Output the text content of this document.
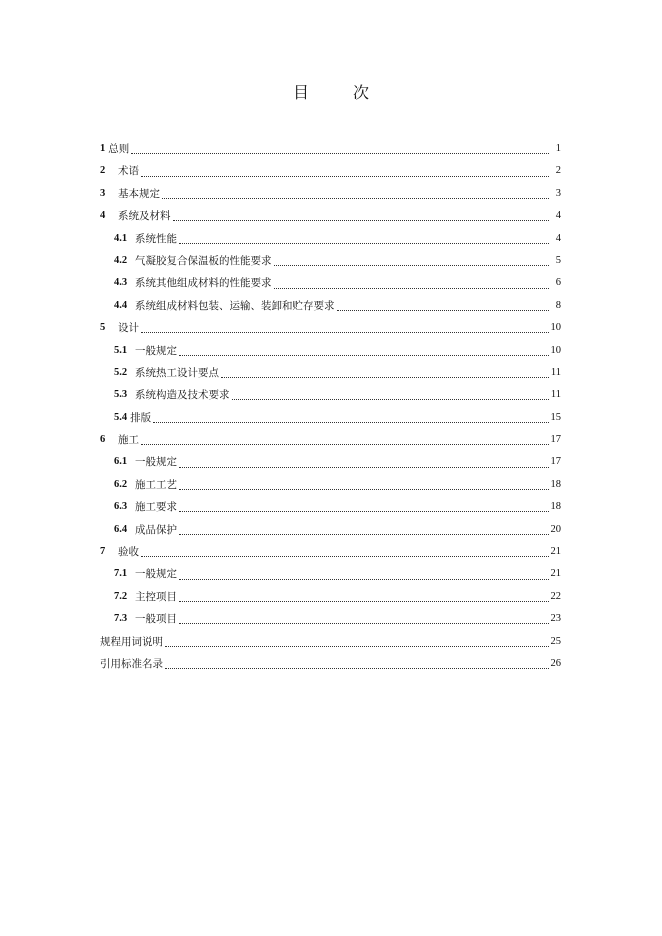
目　次
1 总则	1
2	术语	2
3	基本规定	3
4	系统及材料	4
4.1 系统性能	4
4.2 气凝胶复合保温板的性能要求	5
4.3 系统其他组成材料的性能要求	6
4.4 系统组成材料包装、运输、装卸和贮存要求	8
5	设计	10
5.1 一般规定	10
5.2 系统热工设计要点	11
5.3 系统构造及技术要求	11
5.4 排版	15
6	施工	17
6.1 一般规定	17
6.2 施工工艺	18
6.3 施工要求	18
6.4 成品保护	20
7	验收	21
7.1 一般规定	21
7.2 主控项目	22
7.3 一般项目	23
规程用词说明	25
引用标准名录	26
